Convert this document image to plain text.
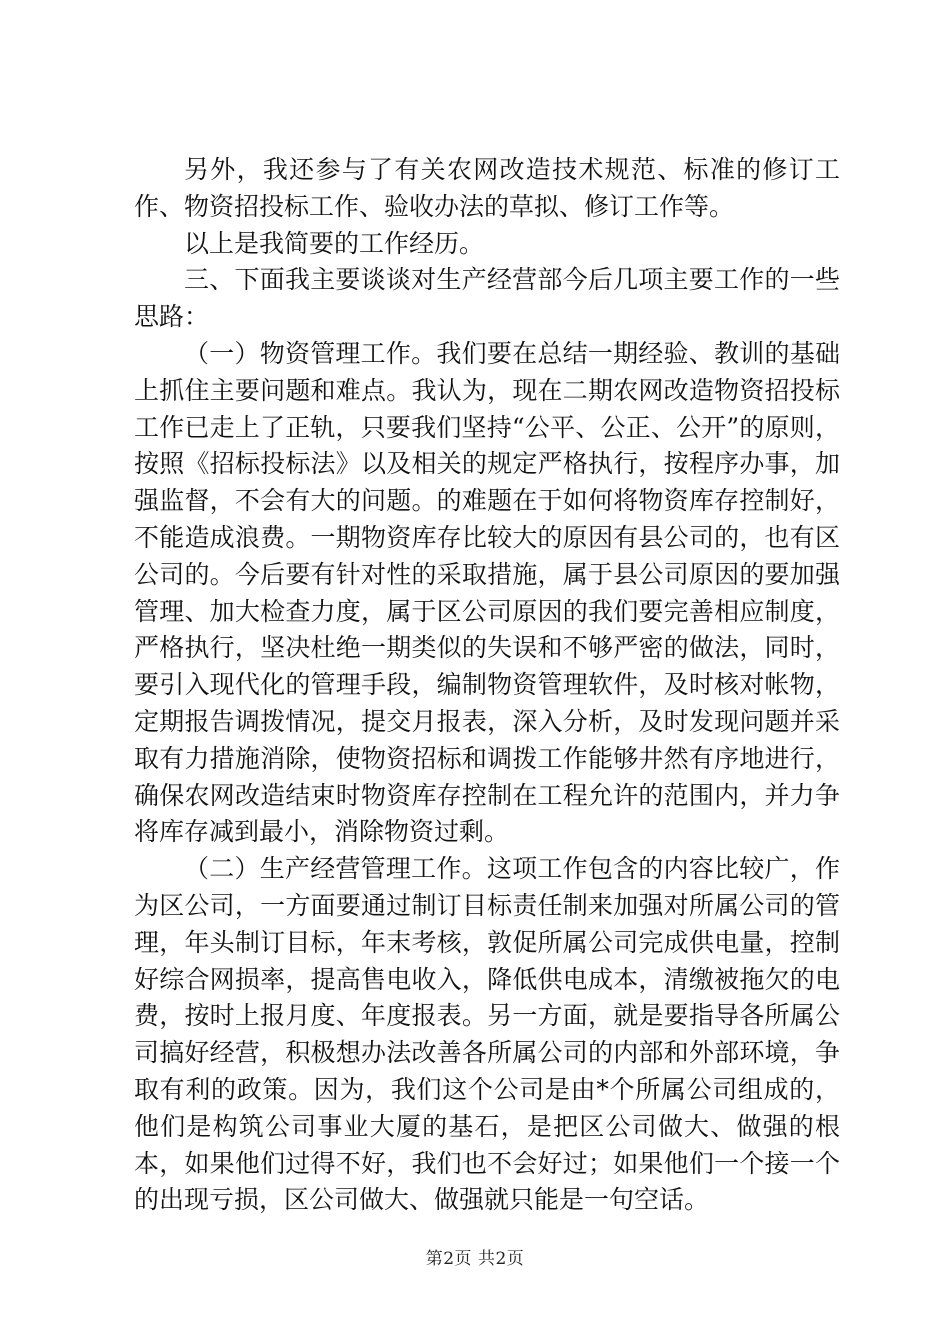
另外，我还参与了有关农网改造技术规范、标准的修订工作、物资招投标工作、验收办法的草拟、修订工作等。

以上是我简要的工作经历。

三、下面我主要谈谈对生产经营部今后几项主要工作的一些思路：

（一）物资管理工作。我们要在总结一期经验、教训的基础上抓住主要问题和难点。我认为，现在二期农网改造物资招投标工作已走上了正轨，只要我们坚持“公平、公正、公开”的原则，按照《招标投标法》以及相关的规定严格执行，按程序办事，加强监督，不会有大的问题。的难题在于如何将物资库存控制好，不能造成浪费。一期物资库存比较大的原因有县公司的，也有区公司的。今后要有针对性的采取措施，属于县公司原因的要加强管理、加大检查力度，属于区公司原因的我们要完善相应制度，严格执行，坚决杜绝一期类似的失误和不够严密的做法，同时，要引入现代化的管理手段，编制物资管理软件，及时核对帐物，定期报告调拨情况，提交月报表，深入分析，及时发现问题并采取有力措施消除，使物资招标和调拨工作能够井然有序地进行，确保农网改造结束时物资库存控制在工程允许的范围内，并力争将库存减到最小，消除物资过剩。

（二）生产经营管理工作。这项工作包含的内容比较广，作为区公司，一方面要通过制订目标责任制来加强对所属公司的管理，年头制订目标，年末考核，敦促所属公司完成供电量，控制好综合网损率，提高售电收入，降低供电成本，清缴被拖欠的电费，按时上报月度、年度报表。另一方面，就是要指导各所属公司搞好经营，积极想办法改善各所属公司的内部和外部环境，争取有利的政策。因为，我们这个公司是由*个所属公司组成的，他们是构筑公司事业大厦的基石，是把区公司做大、做强的根本，如果他们过得不好，我们也不会好过；如果他们一个接一个的出现亏损，区公司做大、做强就只能是一句空话。

第2页 共2页
